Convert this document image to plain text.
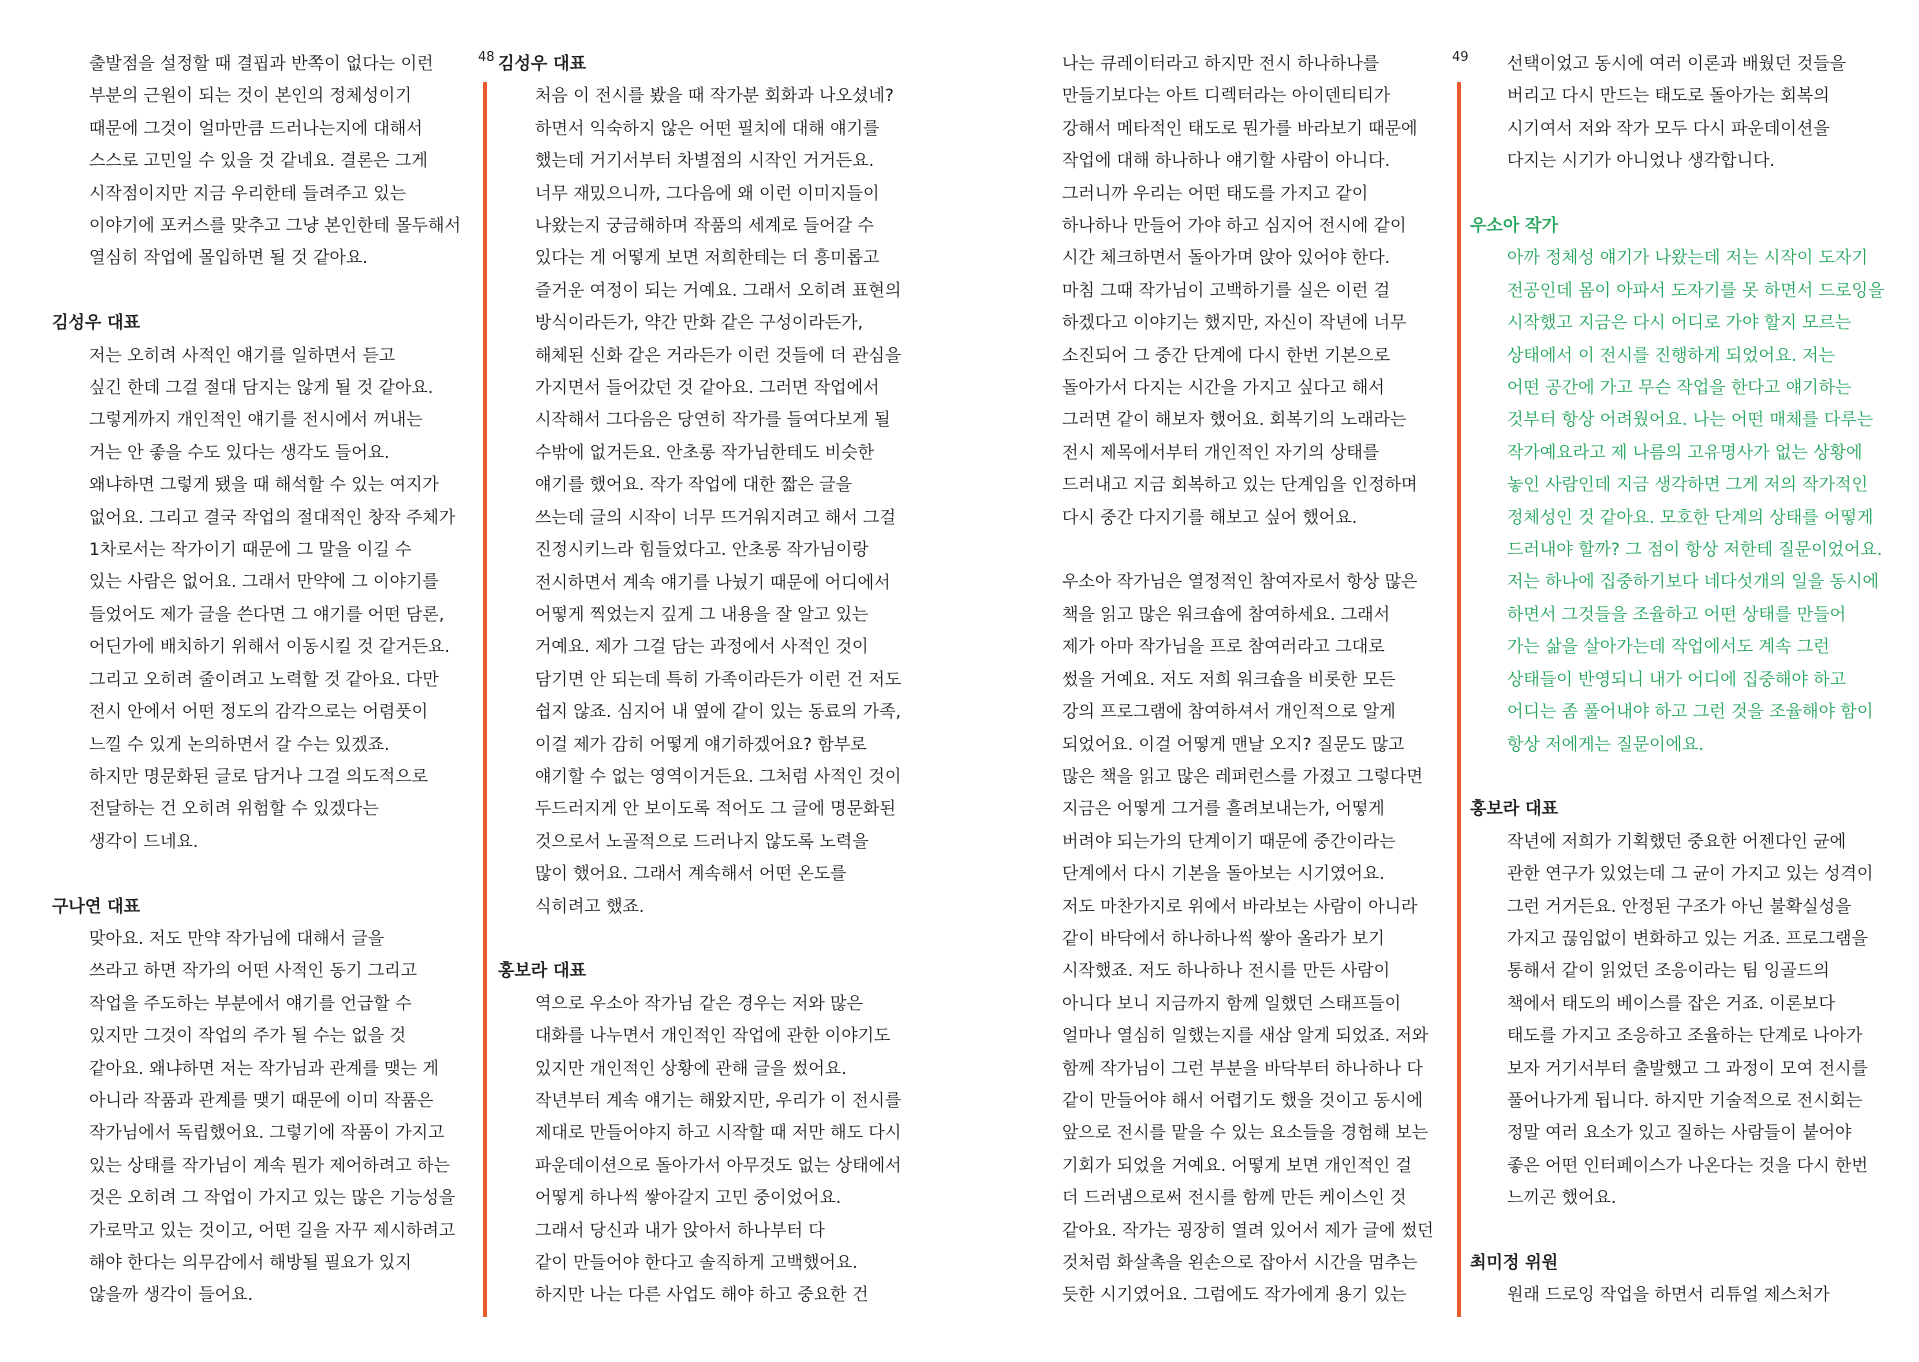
48	49
출발점을 설정할 때 결핍과 반쪽이 없다는 이런
부분의 근원이 되는 것이 본인의 정체성이기
때문에 그것이 얼마만큼 드러나는지에 대해서
스스로 고민일 수 있을 것 같네요. 결론은 그게
시작점이지만 지금 우리한테 들려주고 있는
이야기에 포커스를 맞추고 그냥 본인한테 몰두해서
열심히 작업에 몰입하면 될 것 같아요.
김성우 대표
저는 오히려 사적인 얘기를 일하면서 듣고
싶긴 한데 그걸 절대 담지는 않게 될 것 같아요.
그렇게까지 개인적인 얘기를 전시에서 꺼내는
거는 안 좋을 수도 있다는 생각도 들어요.
왜냐하면 그렇게 됐을 때 해석할 수 있는 여지가
없어요. 그리고 결국 작업의 절대적인 창작 주체가
1차로서는 작가이기 때문에 그 말을 이길 수
있는 사람은 없어요. 그래서 만약에 그 이야기를
들었어도 제가 글을 쓴다면 그 얘기를 어떤 담론,
어딘가에 배치하기 위해서 이동시킬 것 같거든요.
그리고 오히려 줄이려고 노력할 것 같아요. 다만
전시 안에서 어떤 정도의 감각으로는 어렴풋이
느낄 수 있게 논의하면서 갈 수는 있겠죠.
하지만 명문화된 글로 담거나 그걸 의도적으로
전달하는 건 오히려 위험할 수 있겠다는
생각이 드네요.
구나연 대표
맞아요. 저도 만약 작가님에 대해서 글을
쓰라고 하면 작가의 어떤 사적인 동기 그리고
작업을 주도하는 부분에서 얘기를 언급할 수
있지만 그것이 작업의 주가 될 수는 없을 것
같아요. 왜냐하면 저는 작가님과 관계를 맺는 게
아니라 작품과 관계를 맺기 때문에 이미 작품은
작가님에서 독립했어요. 그렇기에 작품이 가지고
있는 상태를 작가님이 계속 뭔가 제어하려고 하는
것은 오히려 그 작업이 가지고 있는 많은 기능성을
가로막고 있는 것이고, 어떤 길을 자꾸 제시하려고
해야 한다는 의무감에서 해방될 필요가 있지
않을까 생각이 들어요.
김성우 대표
처음 이 전시를 봤을 때 작가분 회화과 나오셨네?
하면서 익숙하지 않은 어떤 필치에 대해 얘기를
했는데 거기서부터 차별점의 시작인 거거든요.
너무 재밌으니까, 그다음에 왜 이런 이미지들이
나왔는지 궁금해하며 작품의 세계로 들어갈 수
있다는 게 어떻게 보면 저희한테는 더 흥미롭고
즐거운 여정이 되는 거예요. 그래서 오히려 표현의
방식이라든가, 약간 만화 같은 구성이라든가,
해체된 신화 같은 거라든가 이런 것들에 더 관심을
가지면서 들어갔던 것 같아요. 그러면 작업에서
시작해서 그다음은 당연히 작가를 들여다보게 될
수밖에 없거든요. 안초롱 작가님한테도 비슷한
얘기를 했어요. 작가 작업에 대한 짧은 글을
쓰는데 글의 시작이 너무 뜨거워지려고 해서 그걸
진정시키느라 힘들었다고. 안초롱 작가님이랑
전시하면서 계속 얘기를 나눴기 때문에 어디에서
어떻게 찍었는지 깊게 그 내용을 잘 알고 있는
거예요. 제가 그걸 담는 과정에서 사적인 것이
담기면 안 되는데 특히 가족이라든가 이런 건 저도
쉽지 않죠. 심지어 내 옆에 같이 있는 동료의 가족,
이걸 제가 감히 어떻게 얘기하겠어요? 함부로
얘기할 수 없는 영역이거든요. 그처럼 사적인 것이
두드러지게 안 보이도록 적어도 그 글에 명문화된
것으로서 노골적으로 드러나지 않도록 노력을
많이 했어요. 그래서 계속해서 어떤 온도를
식히려고 했죠.
홍보라 대표
역으로 우소아 작가님 같은 경우는 저와 많은
대화를 나누면서 개인적인 작업에 관한 이야기도
있지만 개인적인 상황에 관해 글을 썼어요.
작년부터 계속 얘기는 해왔지만, 우리가 이 전시를
제대로 만들어야지 하고 시작할 때 저만 해도 다시
파운데이션으로 돌아가서 아무것도 없는 상태에서
어떻게 하나씩 쌓아갈지 고민 중이었어요.
그래서 당신과 내가 앉아서 하나부터 다
같이 만들어야 한다고 솔직하게 고백했어요.
하지만 나는 다른 사업도 해야 하고 중요한 건
나는 큐레이터라고 하지만 전시 하나하나를
만들기보다는 아트 디렉터라는 아이덴티티가
강해서 메타적인 태도로 뭔가를 바라보기 때문에
작업에 대해 하나하나 얘기할 사람이 아니다.
그러니까 우리는 어떤 태도를 가지고 같이
하나하나 만들어 가야 하고 심지어 전시에 같이
시간 체크하면서 돌아가며 앉아 있어야 한다.
마침 그때 작가님이 고백하기를 실은 이런 걸
하겠다고 이야기는 했지만, 자신이 작년에 너무
소진되어 그 중간 단계에 다시 한번 기본으로
돌아가서 다지는 시간을 가지고 싶다고 해서
그러면 같이 해보자 했어요. 회복기의 노래라는
전시 제목에서부터 개인적인 자기의 상태를
드러내고 지금 회복하고 있는 단계임을 인정하며
다시 중간 다지기를 해보고 싶어 했어요.
우소아 작가님은 열정적인 참여자로서 항상 많은
책을 읽고 많은 워크숍에 참여하세요. 그래서
제가 아마 작가님을 프로 참여러라고 그대로
썼을 거예요. 저도 저희 워크숍을 비롯한 모든
강의 프로그램에 참여하셔서 개인적으로 알게
되었어요. 이걸 어떻게 맨날 오지? 질문도 많고
많은 책을 읽고 많은 레퍼런스를 가졌고 그렇다면
지금은 어떻게 그거를 흘려보내는가, 어떻게
버려야 되는가의 단계이기 때문에 중간이라는
단계에서 다시 기본을 돌아보는 시기였어요.
저도 마찬가지로 위에서 바라보는 사람이 아니라
같이 바닥에서 하나하나씩 쌓아 올라가 보기
시작했죠. 저도 하나하나 전시를 만든 사람이
아니다 보니 지금까지 함께 일했던 스태프들이
얼마나 열심히 일했는지를 새삼 알게 되었죠. 저와
함께 작가님이 그런 부분을 바닥부터 하나하나 다
같이 만들어야 해서 어렵기도 했을 것이고 동시에
앞으로 전시를 맡을 수 있는 요소들을 경험해 보는
기회가 되었을 거예요. 어떻게 보면 개인적인 걸
더 드러냄으로써 전시를 함께 만든 케이스인 것
같아요. 작가는 굉장히 열려 있어서 제가 글에 썼던
것처럼 화살촉을 왼손으로 잡아서 시간을 멈추는
듯한 시기였어요. 그럼에도 작가에게 용기 있는
선택이었고 동시에 여러 이론과 배웠던 것들을
버리고 다시 만드는 태도로 돌아가는 회복의
시기여서 저와 작가 모두 다시 파운데이션을
다지는 시기가 아니었나 생각합니다.
우소아 작가
아까 정체성 얘기가 나왔는데 저는 시작이 도자기
전공인데 몸이 아파서 도자기를 못 하면서 드로잉을
시작했고 지금은 다시 어디로 가야 할지 모르는
상태에서 이 전시를 진행하게 되었어요. 저는
어떤 공간에 가고 무슨 작업을 한다고 얘기하는
것부터 항상 어려웠어요. 나는 어떤 매체를 다루는
작가예요라고 제 나름의 고유명사가 없는 상황에
놓인 사람인데 지금 생각하면 그게 저의 작가적인
정체성인 것 같아요. 모호한 단계의 상태를 어떻게
드러내야 할까? 그 점이 항상 저한테 질문이었어요.
저는 하나에 집중하기보다 네다섯개의 일을 동시에
하면서 그것들을 조율하고 어떤 상태를 만들어
가는 삶을 살아가는데 작업에서도 계속 그런
상태들이 반영되니 내가 어디에 집중해야 하고
어디는 좀 풀어내야 하고 그런 것을 조율해야 함이
항상 저에게는 질문이에요.
홍보라 대표
작년에 저희가 기획했던 중요한 어젠다인 균에
관한 연구가 있었는데 그 균이 가지고 있는 성격이
그런 거거든요. 안정된 구조가 아닌 불확실성을
가지고 끊임없이 변화하고 있는 거죠. 프로그램을
통해서 같이 읽었던 조응이라는 팀 잉골드의
책에서 태도의 베이스를 잡은 거죠. 이론보다
태도를 가지고 조응하고 조율하는 단계로 나아가
보자 거기서부터 출발했고 그 과정이 모여 전시를
풀어나가게 됩니다. 하지만 기술적으로 전시회는
정말 여러 요소가 있고 질하는 사람들이 붙어야
좋은 어떤 인터페이스가 나온다는 것을 다시 한번
느끼곤 했어요.
최미정 위원
원래 드로잉 작업을 하면서 리튜얼 제스처가
